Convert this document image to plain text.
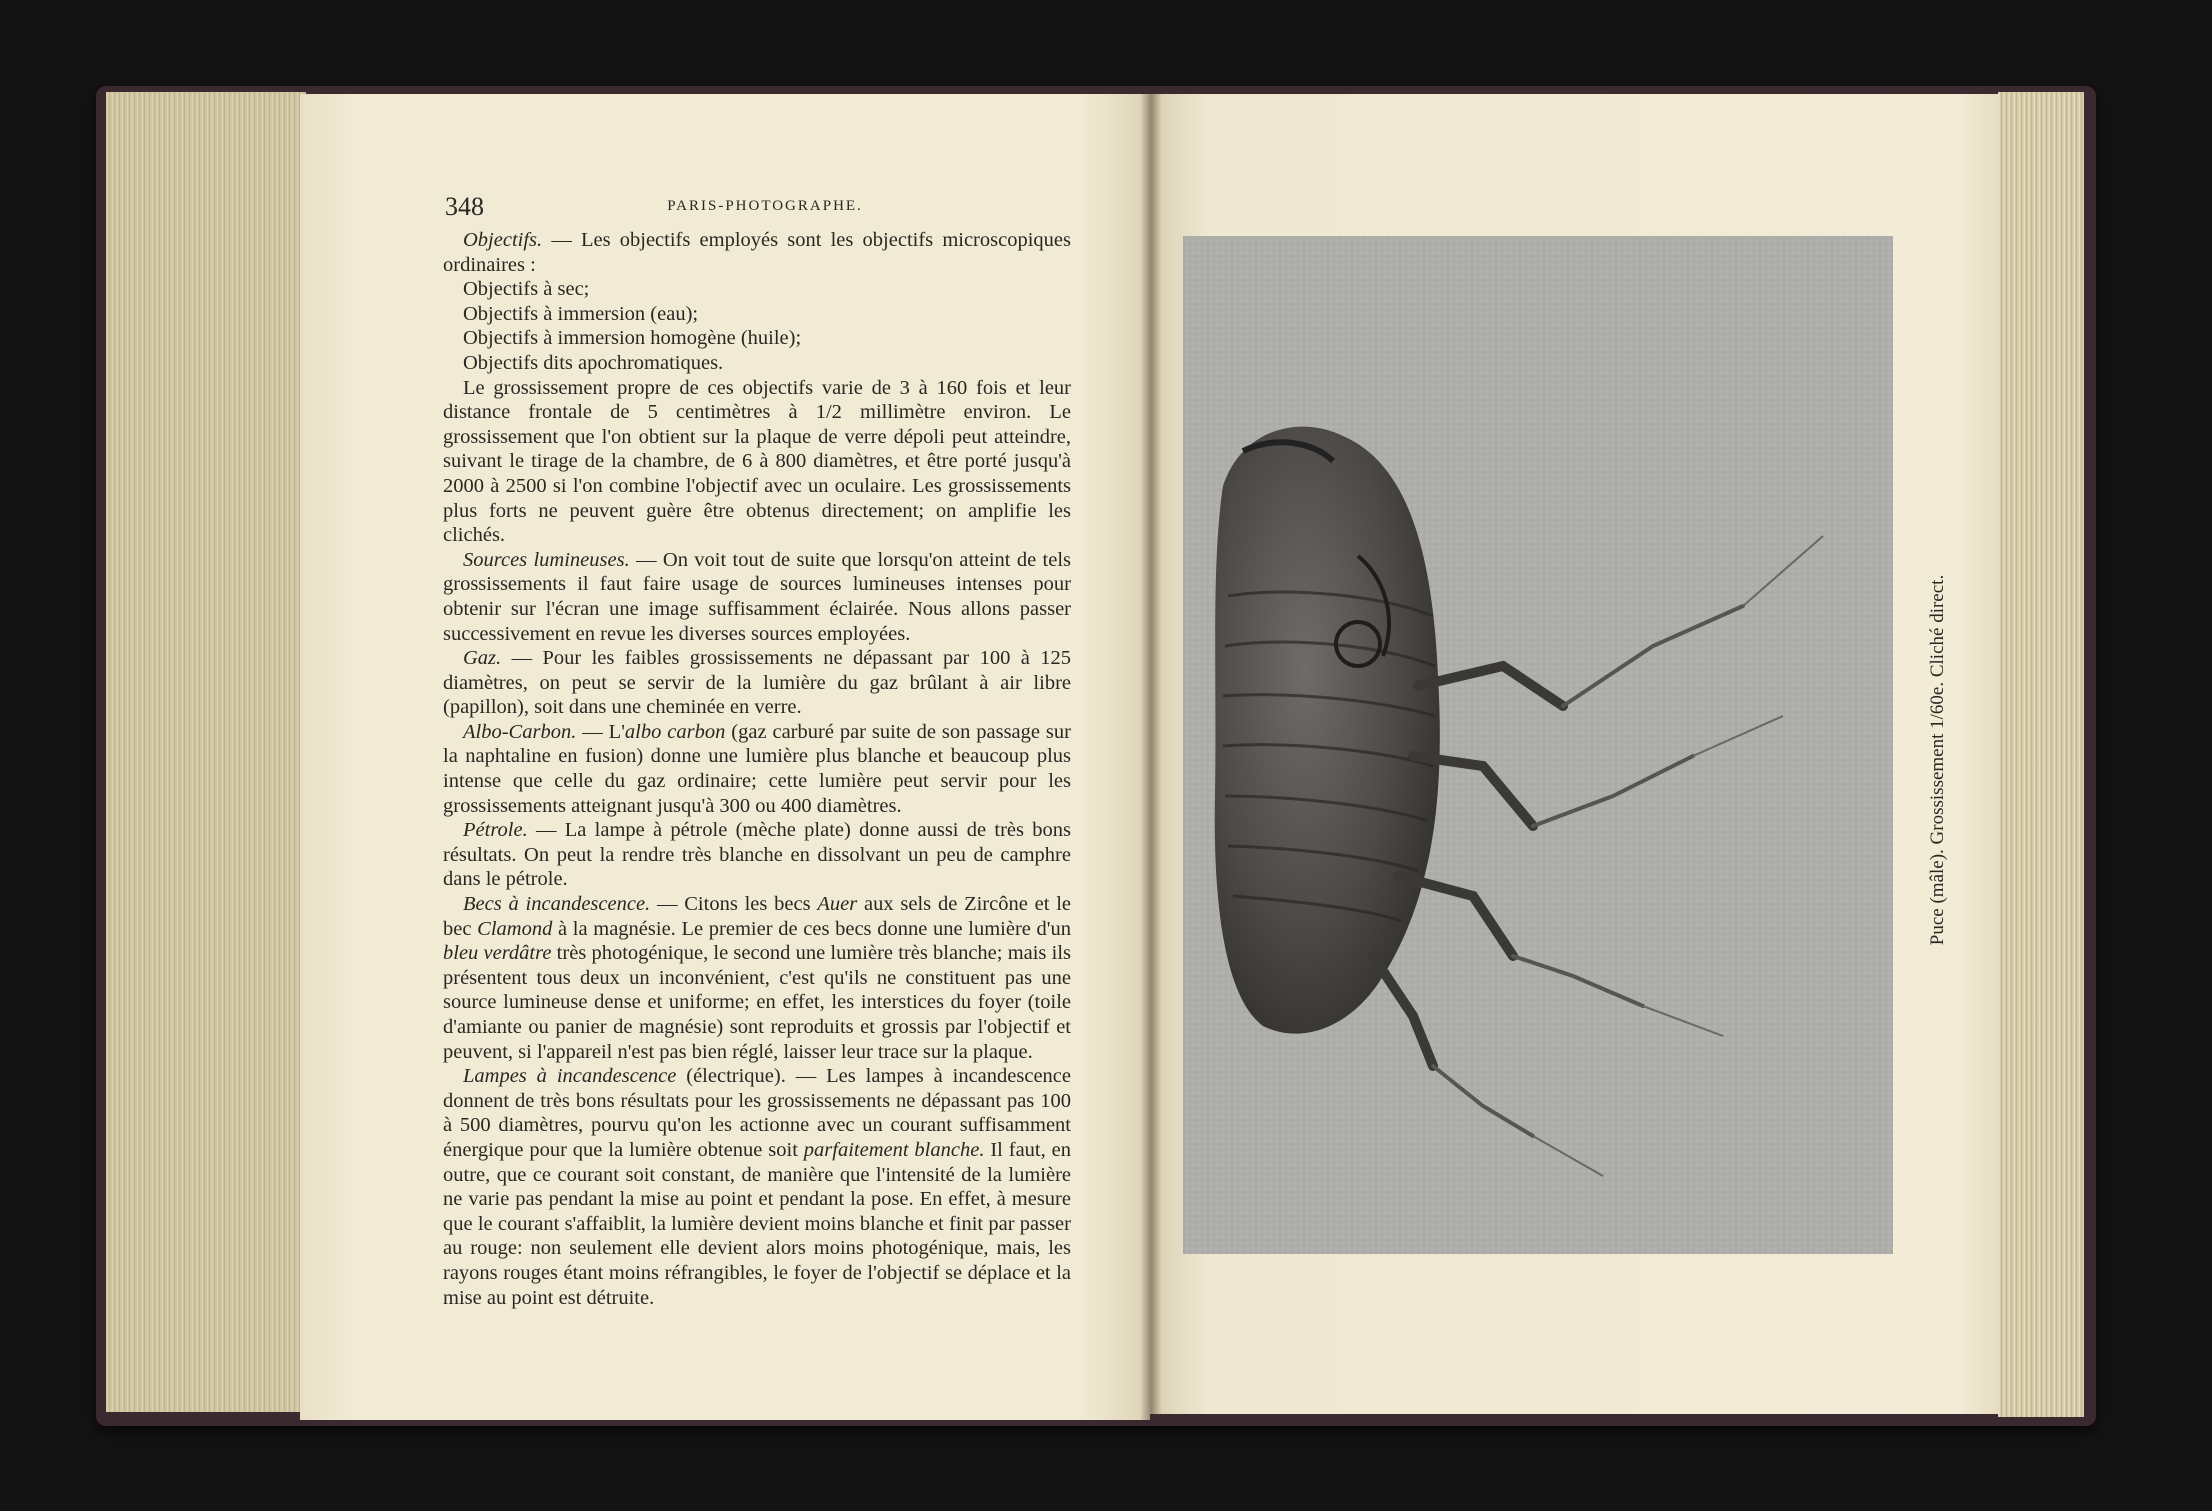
348	PARIS-PHOTOGRAPHE.

Objectifs. — Les objectifs employés sont les objectifs microscopiques ordinaires :

Objectifs à sec;

Objectifs à immersion (eau);

Objectifs à immersion homogène (huile);

Objectifs dits apochromatiques.

Le grossissement propre de ces objectifs varie de 3 à 160 fois et leur distance frontale de 5 centimètres à 1/2 millimètre environ. Le grossissement que l'on obtient sur la plaque de verre dépoli peut atteindre, suivant le tirage de la chambre, de 6 à 800 diamètres, et être porté jusqu'à 2000 à 2500 si l'on combine l'objectif avec un oculaire. Les grossissements plus forts ne peuvent guère être obtenus directement; on amplifie les clichés.

Sources lumineuses. — On voit tout de suite que lorsqu'on atteint de tels grossissements il faut faire usage de sources lumineuses intenses pour obtenir sur l'écran une image suffisamment éclairée. Nous allons passer successivement en revue les diverses sources employées.

Gaz. — Pour les faibles grossissements ne dépassant par 100 à 125 diamètres, on peut se servir de la lumière du gaz brûlant à air libre (papillon), soit dans une cheminée en verre.

Albo-Carbon. — L'albo carbon (gaz carburé par suite de son passage sur la naphtaline en fusion) donne une lumière plus blanche et beaucoup plus intense que celle du gaz ordinaire; cette lumière peut servir pour les grossissements atteignant jusqu'à 300 ou 400 diamètres.

Pétrole. — La lampe à pétrole (mèche plate) donne aussi de très bons résultats. On peut la rendre très blanche en dissolvant un peu de camphre dans le pétrole.

Becs à incandescence. — Citons les becs Auer aux sels de Zircône et le bec Clamond à la magnésie. Le premier de ces becs donne une lumière d'un bleu verdâtre très photogénique, le second une lumière très blanche; mais ils présentent tous deux un inconvénient, c'est qu'ils ne constituent pas une source lumineuse dense et uniforme; en effet, les interstices du foyer (toile d'amiante ou panier de magnésie) sont reproduits et grossis par l'objectif et peuvent, si l'appareil n'est pas bien réglé, laisser leur trace sur la plaque.

Lampes à incandescence (électrique). — Les lampes à incandescence donnent de très bons résultats pour les grossissements ne dépassant pas 100 à 500 diamètres, pourvu qu'on les actionne avec un courant suffisamment énergique pour que la lumière obtenue soit parfaitement blanche. Il faut, en outre, que ce courant soit constant, de manière que l'intensité de la lumière ne varie pas pendant la mise au point et pendant la pose. En effet, à mesure que le courant s'affaiblit, la lumière devient moins blanche et finit par passer au rouge: non seulement elle devient alors moins photogénique, mais, les rayons rouges étant moins réfrangibles, le foyer de l'objectif se déplace et la mise au point est détruite.

Puce (mâle). Grossissement 1/60e. Cliché direct.
